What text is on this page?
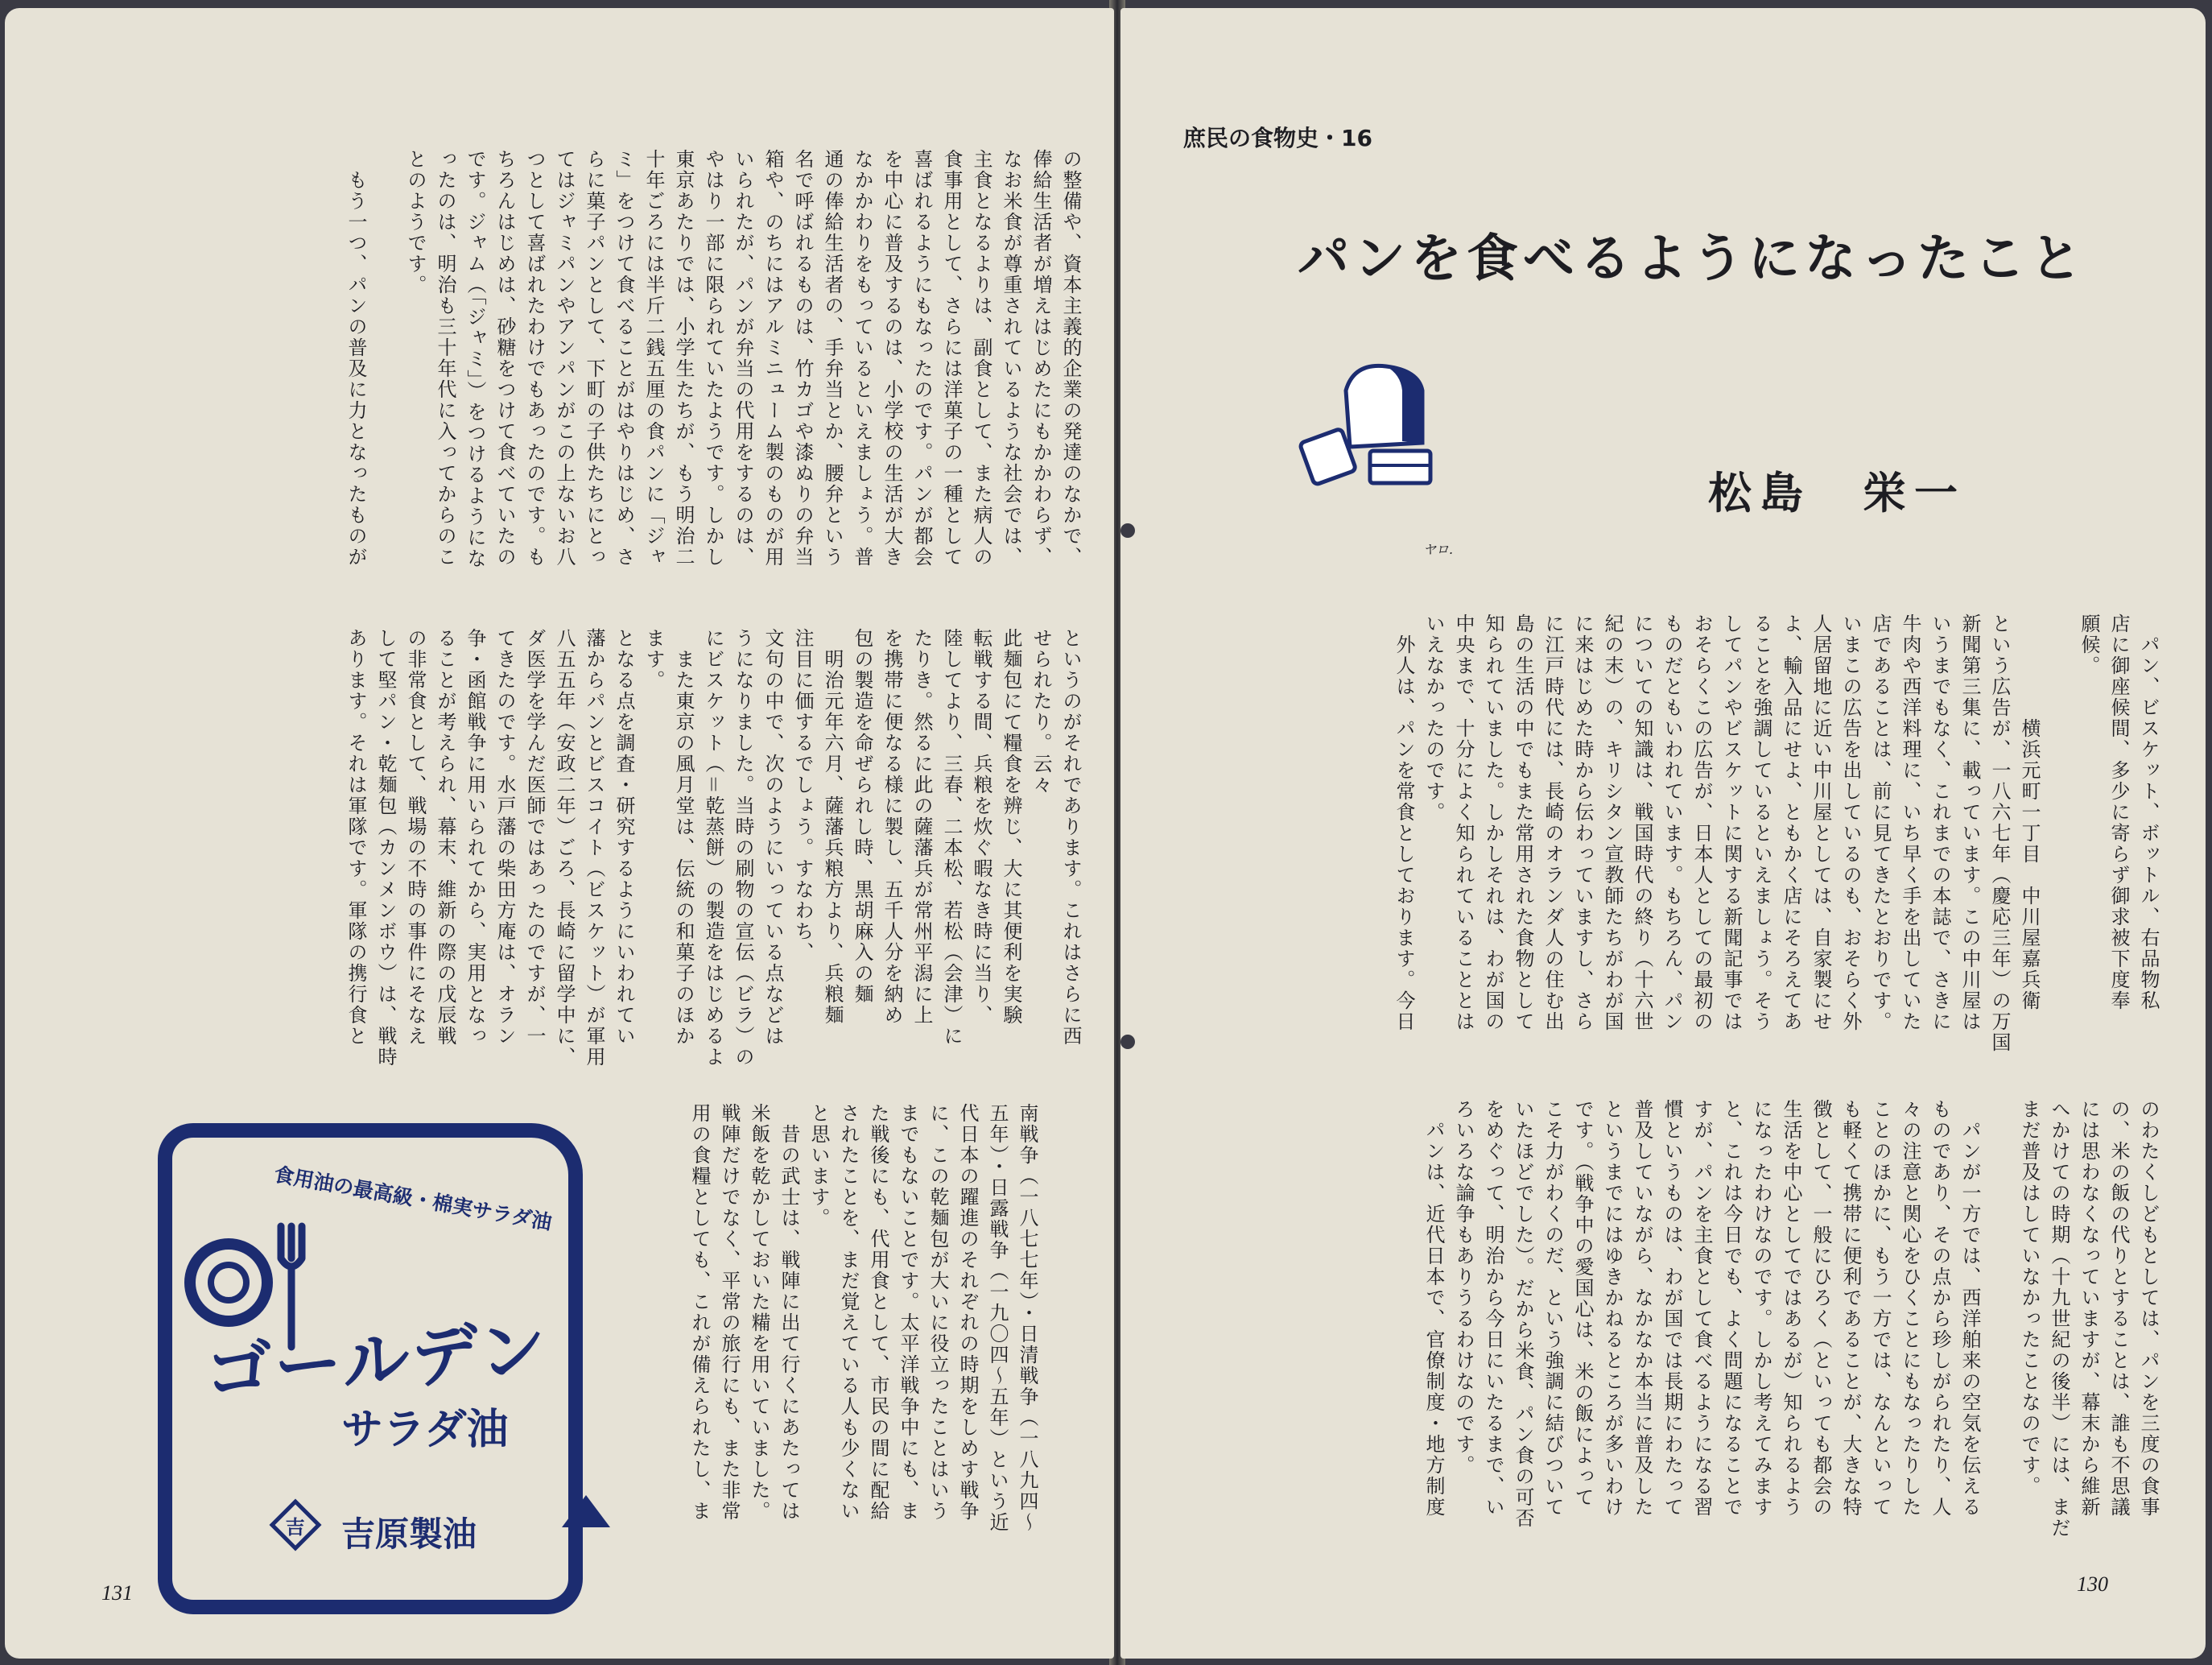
の整備や、資本主義的企業の発達のなかで、
俸給生活者が増えはじめたにもかかわらず、
なお米食が尊重されているような社会では、
主食となるよりは、副食として、また病人の
食事用として、さらには洋菓子の一種として
喜ばれるようにもなったのです。パンが都会
を中心に普及するのは、小学校の生活が大き
なかかわりをもっているといえましょう。普
通の俸給生活者の、手弁当とか、腰弁という
名で呼ばれるものは、竹カゴや漆ぬりの弁当
箱や、のちにはアルミニューム製のものが用
いられたが、パンが弁当の代用をするのは、
やはり一部に限られていたようです。しかし
東京あたりでは、小学生たちが、もう明治二
十年ごろには半斤二銭五厘の食パンに「ジャ
ミ」をつけて食べることがはやりはじめ、さ
らに菓子パンとして、下町の子供たちにとっ
てはジャミパンやアンパンがこの上ないお八
つとして喜ばれたわけでもあったのです。も
ちろんはじめは、砂糖をつけて食べていたの
です。ジャム（「ジャミ」）をつけるようにな
ったのは、明治も三十年代に入ってからのこ
とのようです。

　もう一つ、パンの普及に力となったものが
というのがそれであります。これはさらに西
せられたり。云々
此麺包にて糧食を辨じ、大に其便利を実験
転戦する間、兵粮を炊ぐ暇なき時に当り、
陸してより、三春、二本松、若松（会津）に
たりき。然るに此の薩藩兵が常州平潟に上
を携帯に便なる様に製し、五千人分を納め
包の製造を命ぜられし時、黒胡麻入の麺
　明治元年六月、薩藩兵粮方より、兵粮麺
注目に価するでしょう。すなわち、
文句の中で、次のようにいっている点などは
うになりました。当時の刷物の宣伝（ビラ）の
にビスケット（＝乾蒸餅）の製造をはじめるよ
　また東京の風月堂は、伝統の和菓子のほか
ます。
となる点を調査・研究するようにいわれてい
藩からパンとビスコイト（ビスケット）が軍用
八五五年（安政二年）ごろ、長崎に留学中に、
ダ医学を学んだ医師ではあったのですが、一
てきたのです。水戸藩の柴田方庵は、オラン
争・函館戦争に用いられてから、実用となっ
ることが考えられ、幕末、維新の際の戊辰戦
の非常食として、戦場の不時の事件にそなえ
して堅パン・乾麺包（カンメンボウ）は、戦時
あります。それは軍隊です。軍隊の携行食と
南戦争（一八七七年）・日清戦争（一八九四～
五年）・日露戦争（一九〇四～五年）という近
代日本の躍進のそれぞれの時期をしめす戦争
に、この乾麺包が大いに役立ったことはいう
までもないことです。太平洋戦争中にも、ま
た戦後にも、代用食として、市民の間に配給
されたことを、まだ覚えている人も少くない
と思います。
　昔の武士は、戦陣に出て行くにあたっては
米飯を乾かしておいた糒を用いていました。
戦陣だけでなく、平常の旅行にも、また非常
用の食糧としても、これが備えられたし、ま
食用油の最高級・棉実サラダ油
ゴールデン
サラダ油
吉 吉原製油
131
庶民の食物史・16
パンを食べるようになったこと
ヤロ.
松島　栄一
　パン、ビスケット、ボットル、右品物私
店に御座候間、多少に寄らず御求被下度奉
願候。

　　　　　横浜元町一丁目　中川屋嘉兵衛
という広告が、一八六七年（慶応三年）の万国
新聞第三集に、載っています。この中川屋は
いうまでもなく、これまでの本誌で、さきに
牛肉や西洋料理に、いち早く手を出していた
店であることは、前に見てきたとおりです。
いまこの広告を出しているのも、おそらく外
人居留地に近い中川屋としては、自家製にせ
よ、輸入品にせよ、ともかく店にそろえてあ
ることを強調しているといえましょう。そう
してパンやビスケットに関する新聞記事では
おそらくこの広告が、日本人としての最初の
ものだともいわれています。もちろん、パン
についての知識は、戦国時代の終り（十六世
紀の末）の、キリシタン宣教師たちがわが国
に来はじめた時から伝わっていますし、さら
に江戸時代には、長崎のオランダ人の住む出
島の生活の中でもまた常用された食物として
知られていました。しかしそれは、わが国の
中央まで、十分によく知られていることとは
いえなかったのです。
　外人は、パンを常食としております。今日
のわたくしどもとしては、パンを三度の食事
の、米の飯の代りとすることは、誰も不思議
には思わなくなっていますが、幕末から維新
へかけての時期（十九世紀の後半）には、まだ
まだ普及はしていなかったことなのです。

　パンが一方では、西洋舶来の空気を伝える
ものであり、その点から珍しがられたり、人
々の注意と関心をひくことにもなったりした
ことのほかに、もう一方では、なんといって
も軽くて携帯に便利であることが、大きな特
徴として、一般にひろく（といっても都会の
生活を中心としてではあるが）知られるよう
になったわけなのです。しかし考えてみます
と、これは今日でも、よく問題になることで
すが、パンを主食として食べるようになる習
慣というものは、わが国では長期にわたって
普及していながら、なかなか本当に普及した
というまでにはゆきかねるところが多いわけ
です。（戦争中の愛国心は、米の飯によって
こそ力がわくのだ、という強調に結びついて
いたほどでした）。だから米食、パン食の可否
をめぐって、明治から今日にいたるまで、い
ろいろな論争もありうるわけなのです。
　パンは、近代日本で、官僚制度・地方制度
130
